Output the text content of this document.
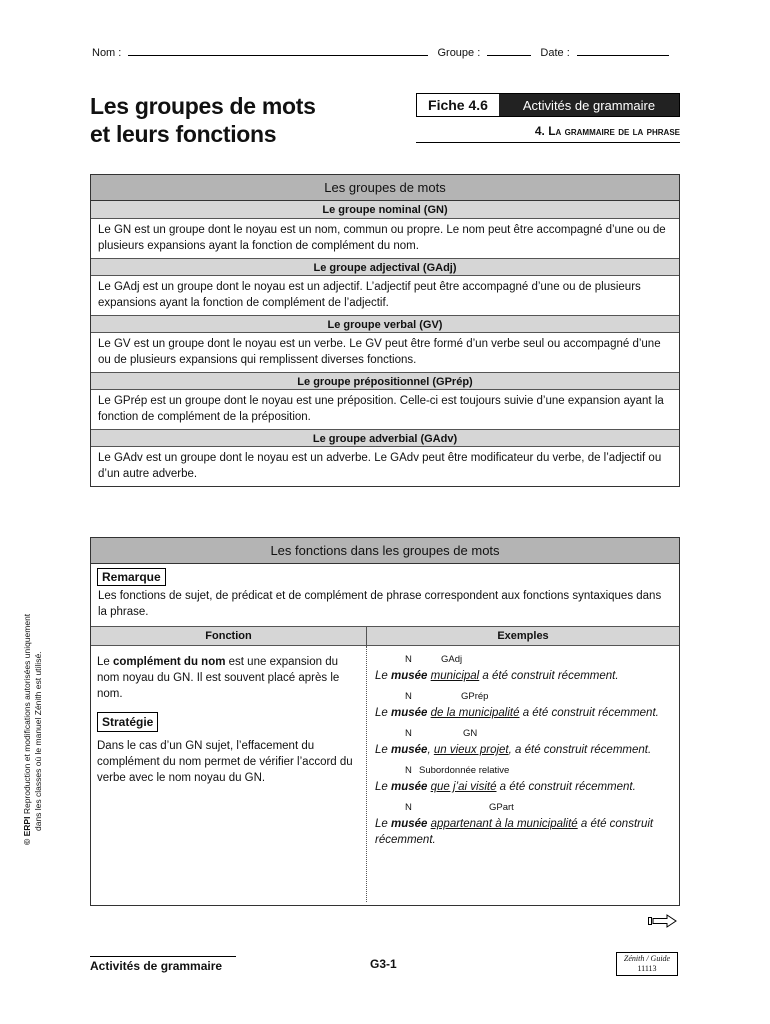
Nom :	Groupe :	Date :
Les groupes de mots
et leurs fonctions
Fiche 4.6	Activités de grammaire
4. La grammaire de la phrase
Les groupes de mots
Le groupe nominal (GN)
Le GN est un groupe dont le noyau est un nom, commun ou propre. Le nom peut être accompagné d’une ou de plusieurs expansions ayant la fonction de complément du nom.
Le groupe adjectival (GAdj)
Le GAdj est un groupe dont le noyau est un adjectif. L’adjectif peut être accompagné d’une ou de plusieurs expansions ayant la fonction de complément de l’adjectif.
Le groupe verbal (GV)
Le GV est un groupe dont le noyau est un verbe. Le GV peut être formé d’un verbe seul ou accompagné d’une ou de plusieurs expansions qui remplissent diverses fonctions.
Le groupe prépositionnel (GPrép)
Le GPrép est un groupe dont le noyau est une préposition. Celle-ci est toujours suivie d’une expansion ayant la fonction de complément de la préposition.
Le groupe adverbial (GAdv)
Le GAdv est un groupe dont le noyau est un adverbe. Le GAdv peut être modificateur du verbe, de l’adjectif ou d’un autre adverbe.
Les fonctions dans les groupes de mots
Remarque
Les fonctions de sujet, de prédicat et de complément de phrase correspondent aux fonctions syntaxiques dans la phrase.
Fonction	Exemples

Le complément du nom est une expansion du nom noyau du GN. Il est souvent placé après le nom.

Stratégie

Dans le cas d’un GN sujet, l’effacement du complément du nom permet de vérifier l’accord du verbe avec le nom noyau du GN.

N	GAdj
Le musée municipal a été construit récemment.
N	GPrép
Le musée de la municipalité a été construit récemment.
N	GN
Le musée, un vieux projet, a été construit récemment.
N Subordonnée relative
Le musée que j’ai visité a été construit récemment.
N	GPart
Le musée appartenant à la municipalité a été construit récemment.
© ERPI Reproduction et modifications autorisées uniquement dans les classes où le manuel Zénith est utilisé.
Activités de grammaire	G3-1	Zénith / Guide
11113
